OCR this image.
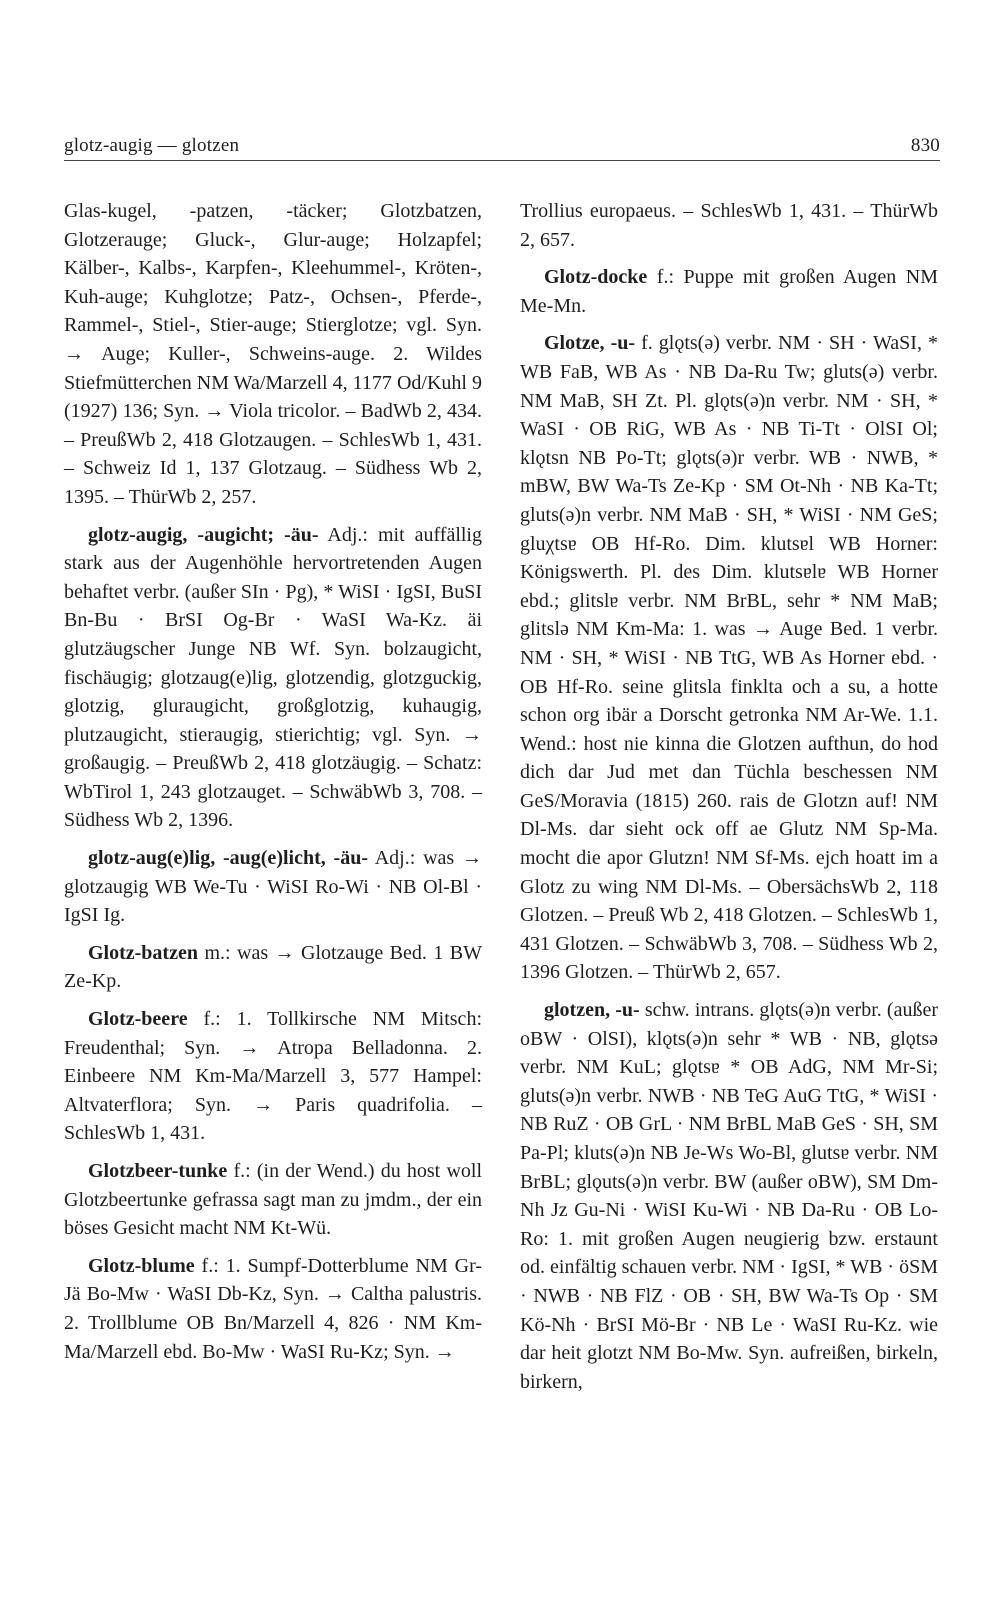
glotz-augig — glotzen	830

Glas-kugel, -patzen, -täcker; Glotzbatzen, Glotzerauge; Gluck-, Glur-auge; Holzapfel; Kälber-, Kalbs-, Karpfen-, Kleehummel-, Kröten-, Kuh-auge; Kuhglotze; Patz-, Ochsen-, Pferde-, Rammel-, Stiel-, Stier-auge; Stierglotze; vgl. Syn. → Auge; Kuller-, Schweins-auge. 2. Wildes Stiefmütterchen NM Wa/Marzell 4, 1177 Od/Kuhl 9 (1927) 136; Syn. → Viola tricolor. – BadWb 2, 434. – PreußWb 2, 418 Glotzaugen. – SchlesWb 1, 431. – Schweiz Id 1, 137 Glotzaug. – Südhess Wb 2, 1395. – ThürWb 2, 257.

glotz-augig, -augicht; -äu- Adj.: mit auffällig stark aus der Augenhöhle hervortretenden Augen behaftet verbr. (außer SIn · Pg), * WiSI · IgSI, BuSI Bn-Bu · BrSI Og-Br · WaSI Wa-Kz. äi glutzäugscher Junge NB Wf. Syn. bolzaugicht, fischäugig; glotzaug(e)lig, glotzendig, glotzguckig, glotzig, gluraugicht, großglotzig, kuhaugig, plutzaugicht, stieraugig, stierichtig; vgl. Syn. → großaugig. – PreußWb 2, 418 glotzäugig. – Schatz: WbTirol 1, 243 glotzauget. – SchwäbWb 3, 708. – Südhess Wb 2, 1396.

glotz-aug(e)lig, -aug(e)licht, -äu- Adj.: was → glotzaugig WB We-Tu · WiSI Ro-Wi · NB Ol-Bl · IgSI Ig.

Glotz-batzen m.: was → Glotzauge Bed. 1 BW Ze-Kp.

Glotz-beere f.: 1. Tollkirsche NM Mitsch: Freudenthal; Syn. → Atropa Belladonna. 2. Einbeere NM Km-Ma/Marzell 3, 577 Hampel: Altvaterflora; Syn. → Paris quadrifolia. – SchlesWb 1, 431.

Glotzbeer-tunke f.: (in der Wend.) du host woll Glotzbeertunke gefrassa sagt man zu jmdm., der ein böses Gesicht macht NM Kt-Wü.

Glotz-blume f.: 1. Sumpf-Dotterblume NM Gr-Jä Bo-Mw · WaSI Db-Kz, Syn. → Caltha palustris. 2. Trollblume OB Bn/Marzell 4, 826 · NM Km-Ma/Marzell ebd. Bo-Mw · WaSI Ru-Kz; Syn. →

Trollius europaeus. – SchlesWb 1, 431. – ThürWb 2, 657.

Glotz-docke f.: Puppe mit großen Augen NM Me-Mn.

Glotze, -u- f. glǫts(ə) verbr. NM · SH · WaSI, * WB FaB, WB As · NB Da-Ru Tw; gluts(ə) verbr. NM MaB, SH Zt. Pl. glǫts(ə)n verbr. NM · SH, * WaSI · OB RiG, WB As · NB Ti-Tt · OlSI Ol; klǫtsn NB Po-Tt; glǫts(ə)r verbr. WB · NWB, * mBW, BW Wa-Ts Ze-Kp · SM Ot-Nh · NB Ka-Tt; gluts(ə)n verbr. NM MaB · SH, * WiSI · NM GeS; gluχtsɐ OB Hf-Ro. Dim. klutsɐl WB Horner: Königswerth. Pl. des Dim. klutsɐlɐ WB Horner ebd.; glitslɐ verbr. NM BrBL, sehr * NM MaB; glitslə NM Km-Ma: 1. was → Auge Bed. 1 verbr. NM · SH, * WiSI · NB TtG, WB As Horner ebd. · OB Hf-Ro. seine glitsla finklta och a su, a hotte schon org ibär a Dorscht getronka NM Ar-We. 1.1. Wend.: host nie kinna die Glotzen aufthun, do hod dich dar Jud met dan Tüchla beschessen NM GeS/Moravia (1815) 260. rais de Glotzn auf! NM Dl-Ms. dar sieht ock off ae Glutz NM Sp-Ma. mocht die apor Glutzn! NM Sf-Ms. ejch hoatt im a Glotz zu wing NM Dl-Ms. – ObersächsWb 2, 118 Glotzen. – Preuß Wb 2, 418 Glotzen. – SchlesWb 1, 431 Glotzen. – SchwäbWb 3, 708. – Südhess Wb 2, 1396 Glotzen. – ThürWb 2, 657.

glotzen, -u- schw. intrans. glǫts(ə)n verbr. (außer oBW · OlSI), klǫts(ə)n sehr * WB · NB, glǫtsə verbr. NM KuL; glǫtsɐ * OB AdG, NM Mr-Si; gluts(ə)n verbr. NWB · NB TeG AuG TtG, * WiSI · NB RuZ · OB GrL · NM BrBL MaB GeS · SH, SM Pa-Pl; kluts(ə)n NB Je-Ws Wo-Bl, glutsɐ verbr. NM BrBL; glǫuts(ə)n verbr. BW (außer oBW), SM Dm-Nh Jz Gu-Ni · WiSI Ku-Wi · NB Da-Ru · OB Lo-Ro: 1. mit großen Augen neugierig bzw. erstaunt od. einfältig schauen verbr. NM · IgSI, * WB · öSM · NWB · NB FlZ · OB · SH, BW Wa-Ts Op · SM Kö-Nh · BrSI Mö-Br · NB Le · WaSI Ru-Kz. wie dar heit glotzt NM Bo-Mw. Syn. aufreißen, birkeln, birkern,
